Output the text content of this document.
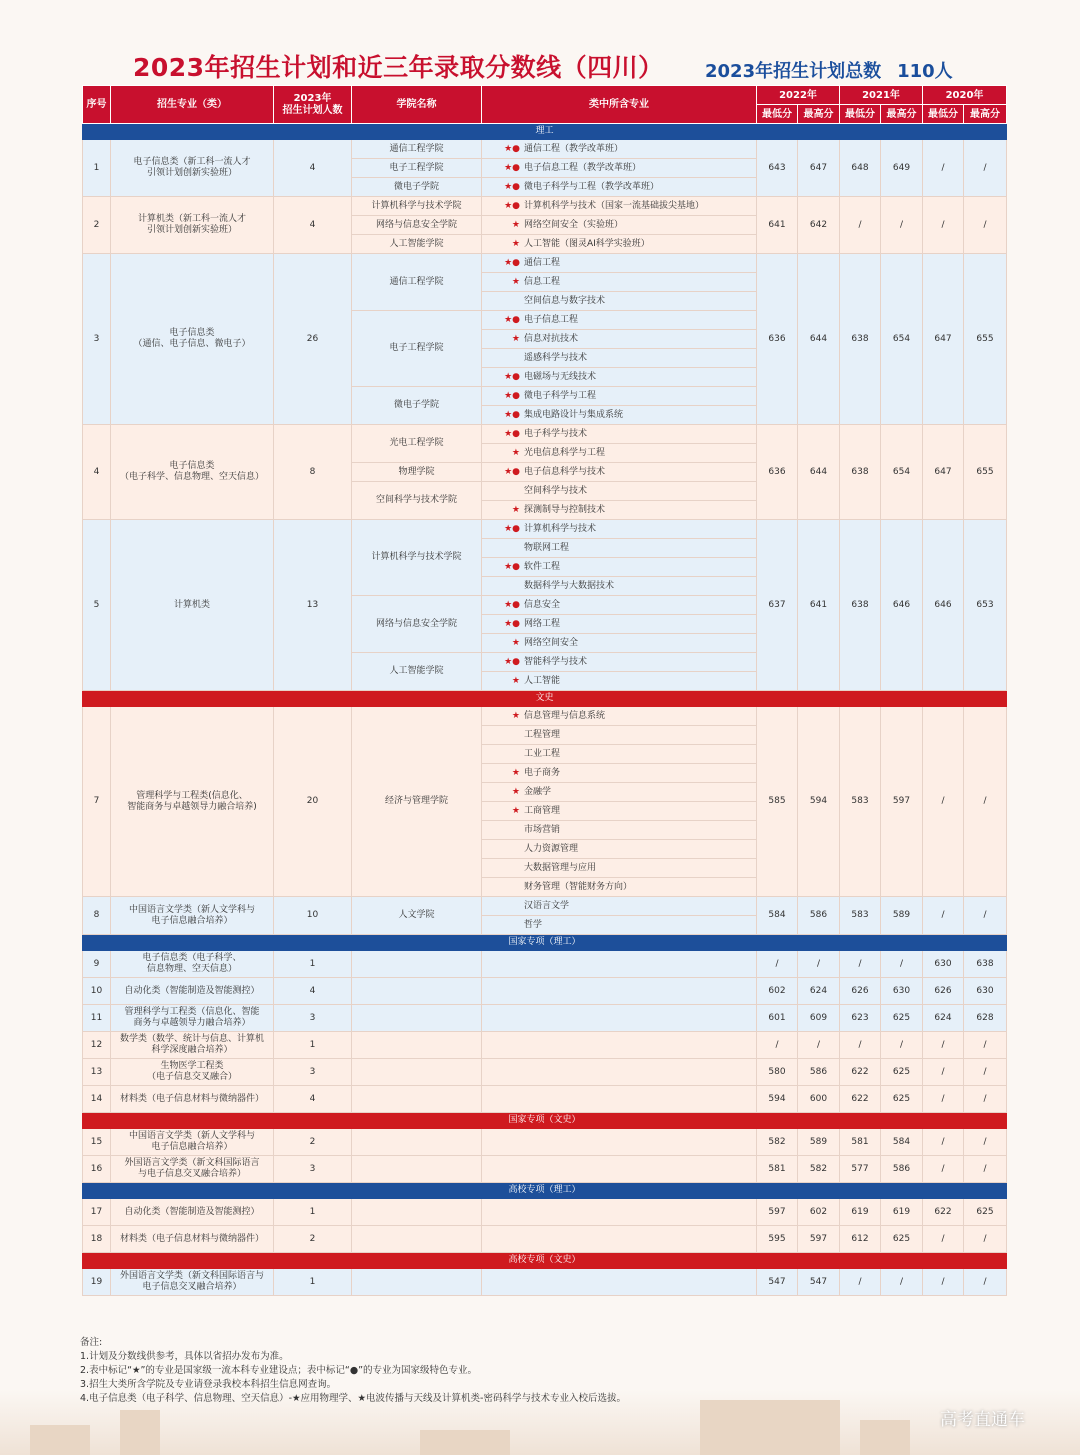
2023年招生计划和近三年录取分数线（四川） 2023年招生计划总数 110人
序号	招生专业（类）	2023年
招生计划人数	学院名称	类中所含专业	2022年		2021年		2020年	
					最低分	最高分	最低分	最高分	最低分	最高分
理工										
1	电子信息类（新工科一流人才
引领计划创新实验班）	4	通信工程学院	★● 通信工程（教学改革班）	643	647	648	649	/	/
			电子工程学院	★● 电子信息工程（教学改革班）						
			微电子学院	★● 微电子科学与工程（教学改革班）						
2	计算机类（新工科一流人才
引领计划创新实验班）	4	计算机科学与技术学院	★● 计算机科学与技术（国家一流基础拔尖基地）	641	642	/	/	/	/
			网络与信息安全学院	★ 网络空间安全（实验班）						
			人工智能学院	★ 人工智能（图灵AI科学实验班）						
3	电子信息类
（通信、电子信息、微电子）	26	通信工程学院	★● 通信工程	636	644	638	654	647	655
				★ 信息工程						
				空间信息与数字技术						
			电子工程学院	★● 电子信息工程						
				★ 信息对抗技术						
				遥感科学与技术						
				★● 电磁场与无线技术						
			微电子学院	★● 微电子科学与工程						
				★● 集成电路设计与集成系统						
4	电子信息类
（电子科学、信息物理、空天信息）	8	光电工程学院	★● 电子科学与技术	636	644	638	654	647	655
				★ 光电信息科学与工程						
			物理学院	★● 电子信息科学与技术						
			空间科学与技术学院	空间科学与技术						
				★ 探测制导与控制技术						
5	计算机类	13	计算机科学与技术学院	★● 计算机科学与技术	637	641	638	646	646	653
				物联网工程						
				★● 软件工程						
				数据科学与大数据技术						
			网络与信息安全学院	★● 信息安全						
				★● 网络工程						
				★ 网络空间安全						
			人工智能学院	★● 智能科学与技术						
				★ 人工智能						
文史										
7	管理科学与工程类(信息化、
智能商务与卓越领导力融合培养)	20	经济与管理学院	★ 信息管理与信息系统	585	594	583	597	/	/
				工程管理						
				工业工程						
				★ 电子商务						
				★ 金融学						
				★ 工商管理						
				市场营销						
				人力资源管理						
				大数据管理与应用						
				财务管理（智能财务方向）						
8	中国语言文学类（新人文学科与
电子信息融合培养）	10	人文学院	汉语言文学	584	586	583	589	/	/
				哲学						
国家专项（理工）										
9	电子信息类（电子科学、
信息物理、空天信息）	1			/	/	/	/	630	638
10	自动化类（智能制造及智能测控）	4			602	624	626	630	626	630
11	管理科学与工程类（信息化、智能
商务与卓越领导力融合培养）	3			601	609	623	625	624	628
12	数学类（数学、统计与信息、计算机
科学深度融合培养）	1			/	/	/	/	/	/
13	生物医学工程类
（电子信息交叉融合）	3			580	586	622	625	/	/
14	材料类（电子信息材料与微纳器件）	4			594	600	622	625	/	/
国家专项（文史）										
15	中国语言文学类（新人文学科与
电子信息融合培养）	2			582	589	581	584	/	/
16	外国语言文学类（新文科国际语言
与电子信息交叉融合培养）	3			581	582	577	586	/	/
高校专项（理工）										
17	自动化类（智能制造及智能测控）	1			597	602	619	619	622	625
18	材料类（电子信息材料与微纳器件）	2			595	597	612	625	/	/
高校专项（文史）										
19	外国语言文学类（新文科国际语言与
电子信息交叉融合培养）	1			547	547	/	/	/	/
备注:
1.计划及分数线供参考，具体以省招办发布为准。
2.表中标记“★”的专业是国家级一流本科专业建设点；表中标记“●”的专业为国家级特色专业。
3.招生大类所含学院及专业请登录我校本科招生信息网查询。
4.电子信息类（电子科学、信息物理、空天信息）-★应用物理学、★电波传播与天线及计算机类-密码科学与技术专业入校后选拔。
高考直通车
